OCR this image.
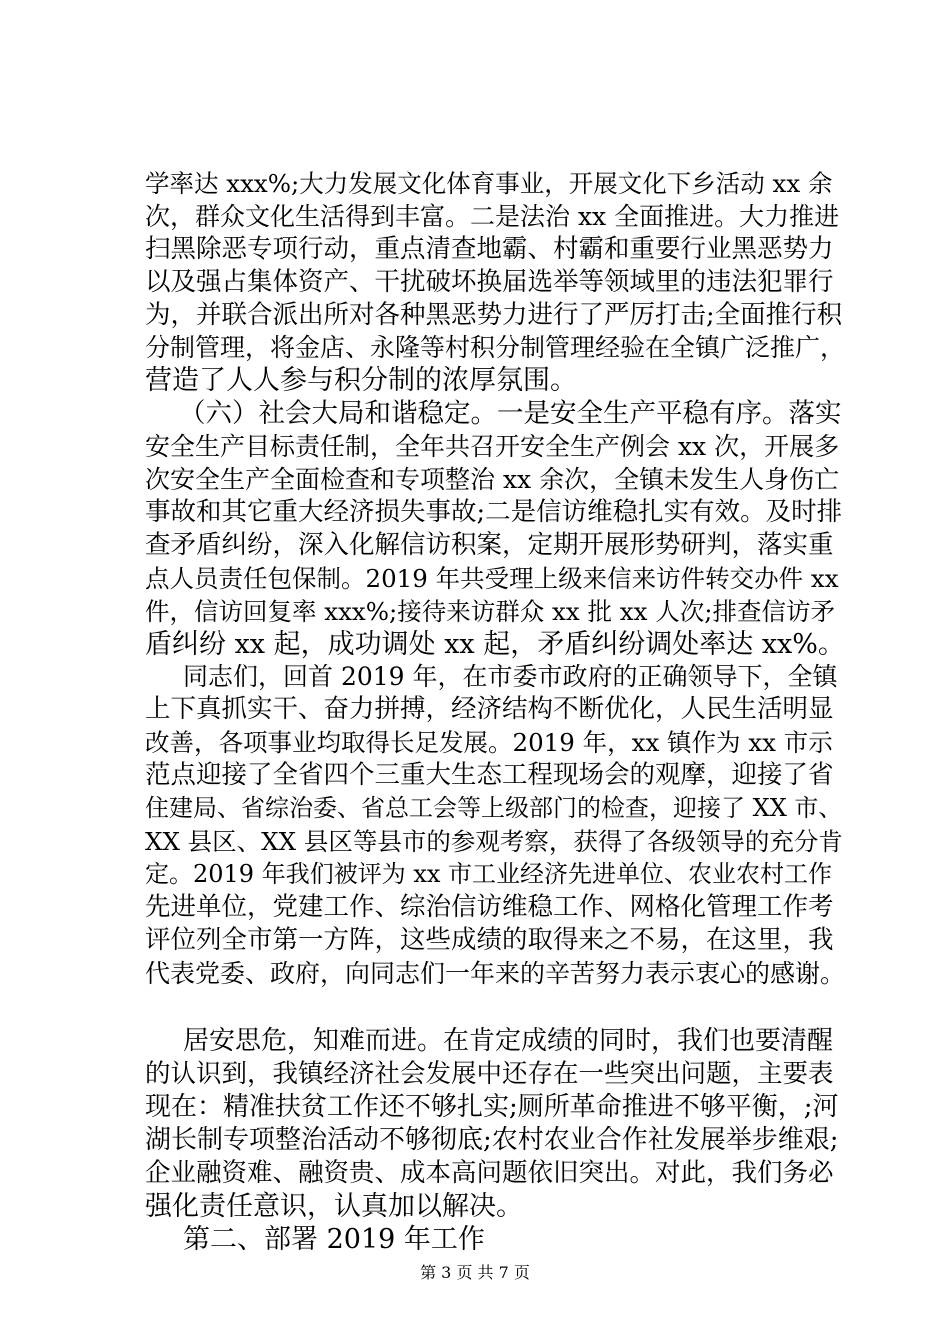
学率达 xxx%;大力发展文化体育事业，开展文化下乡活动 xx 余
次，群众文化生活得到丰富。二是法治 xx 全面推进。大力推进
扫黑除恶专项行动，重点清查地霸、村霸和重要行业黑恶势力
以及强占集体资产、干扰破坏换届选举等领域里的违法犯罪行
为，并联合派出所对各种黑恶势力进行了严厉打击;全面推行积
分制管理，将金店、永隆等村积分制管理经验在全镇广泛推广，
营造了人人参与积分制的浓厚氛围。
（六）社会大局和谐稳定。一是安全生产平稳有序。落实
安全生产目标责任制，全年共召开安全生产例会 xx 次，开展多
次安全生产全面检查和专项整治 xx 余次，全镇未发生人身伤亡
事故和其它重大经济损失事故;二是信访维稳扎实有效。及时排
查矛盾纠纷，深入化解信访积案，定期开展形势研判，落实重
点人员责任包保制。2019 年共受理上级来信来访件转交办件 xx
件，信访回复率 xxx%;接待来访群众 xx 批 xx 人次;排查信访矛
盾纠纷 xx 起，成功调处 xx 起，矛盾纠纷调处率达 xx%。
同志们，回首 2019 年，在市委市政府的正确领导下，全镇
上下真抓实干、奋力拼搏，经济结构不断优化，人民生活明显
改善，各项事业均取得长足发展。2019 年，xx 镇作为 xx 市示
范点迎接了全省四个三重大生态工程现场会的观摩，迎接了省
住建局、省综治委、省总工会等上级部门的检查，迎接了 XX 市、
XX 县区、XX 县区等县市的参观考察，获得了各级领导的充分肯
定。2019 年我们被评为 xx 市工业经济先进单位、农业农村工作
先进单位，党建工作、综治信访维稳工作、网格化管理工作考
评位列全市第一方阵，这些成绩的取得来之不易，在这里，我
代表党委、政府，向同志们一年来的辛苦努力表示衷心的感谢。
居安思危，知难而进。在肯定成绩的同时，我们也要清醒
的认识到，我镇经济社会发展中还存在一些突出问题，主要表
现在：精准扶贫工作还不够扎实;厕所革命推进不够平衡，;河
湖长制专项整治活动不够彻底;农村农业合作社发展举步维艰;
企业融资难、融资贵、成本高问题依旧突出。对此，我们务必
强化责任意识，认真加以解决。
第二、部署 2019 年工作
第 3 页 共 7 页
